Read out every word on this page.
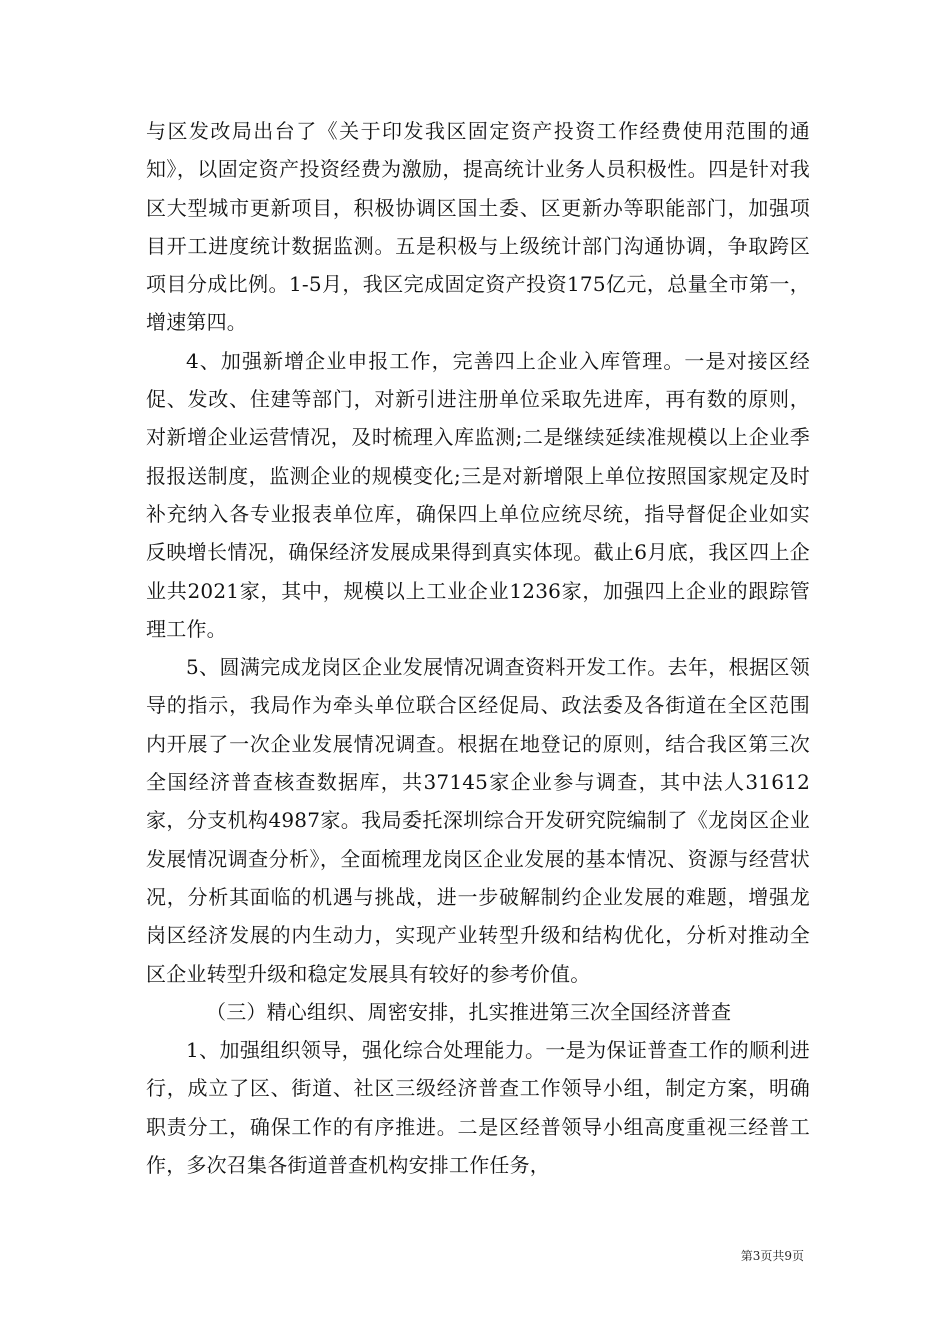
与区发改局出台了《关于印发我区固定资产投资工作经费使用范围的通知》，以固定资产投资经费为激励，提高统计业务人员积极性。四是针对我区大型城市更新项目，积极协调区国土委、区更新办等职能部门，加强项目开工进度统计数据监测。五是积极与上级统计部门沟通协调，争取跨区项目分成比例。1-5月，我区完成固定资产投资175亿元，总量全市第一，增速第四。

4、加强新增企业申报工作，完善四上企业入库管理。一是对接区经促、发改、住建等部门，对新引进注册单位采取先进库，再有数的原则，对新增企业运营情况，及时梳理入库监测;二是继续延续准规模以上企业季报报送制度，监测企业的规模变化;三是对新增限上单位按照国家规定及时补充纳入各专业报表单位库，确保四上单位应统尽统，指导督促企业如实反映增长情况，确保经济发展成果得到真实体现。截止6月底，我区四上企业共2021家，其中，规模以上工业企业1236家，加强四上企业的跟踪管理工作。

5、圆满完成龙岗区企业发展情况调查资料开发工作。去年，根据区领导的指示，我局作为牵头单位联合区经促局、政法委及各街道在全区范围内开展了一次企业发展情况调查。根据在地登记的原则，结合我区第三次全国经济普查核查数据库，共37145家企业参与调查，其中法人31612家，分支机构4987家。我局委托深圳综合开发研究院编制了《龙岗区企业发展情况调查分析》，全面梳理龙岗区企业发展的基本情况、资源与经营状况，分析其面临的机遇与挑战，进一步破解制约企业发展的难题，增强龙岗区经济发展的内生动力，实现产业转型升级和结构优化，分析对推动全区企业转型升级和稳定发展具有较好的参考价值。

（三）精心组织、周密安排，扎实推进第三次全国经济普查

1、加强组织领导，强化综合处理能力。一是为保证普查工作的顺利进行，成立了区、街道、社区三级经济普查工作领导小组，制定方案，明确职责分工，确保工作的有序推进。二是区经普领导小组高度重视三经普工作，多次召集各街道普查机构安排工作任务，

第3页共9页
